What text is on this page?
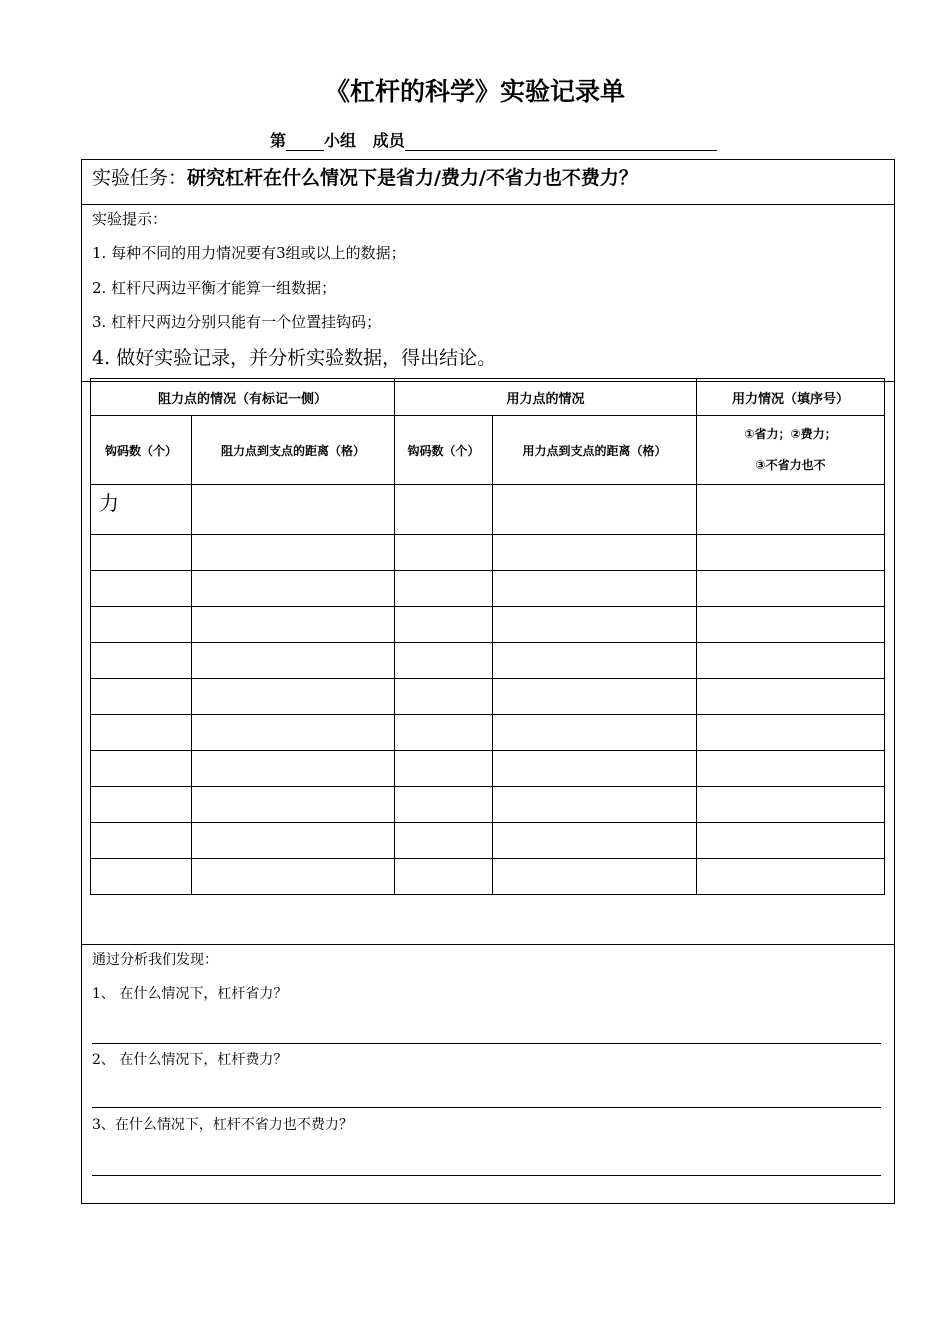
《杠杆的科学》实验记录单
第 小组 成员
实验任务：研究杠杆在什么情况下是省力/费力/不省力也不费力？
实验提示：
1. 每种不同的用力情况要有3组或以上的数据；
2. 杠杆尺两边平衡才能算一组数据；
3. 杠杆尺两边分别只能有一个位置挂钩码；
4. 做好实验记录，并分析实验数据，得出结论。
阻力点的情况（有标记一侧）		用力点的情况		用力情况（填序号）
钩码数（个）	阻力点到支点的距离（格）	钩码数（个）	用力点到支点的距离（格）	①省力；②费力；
③不省力也不

力				

通过分析我们发现：
1、 在什么情况下，杠杆省力？
2、 在什么情况下，杠杆费力？
3、在什么情况下，杠杆不省力也不费力？
